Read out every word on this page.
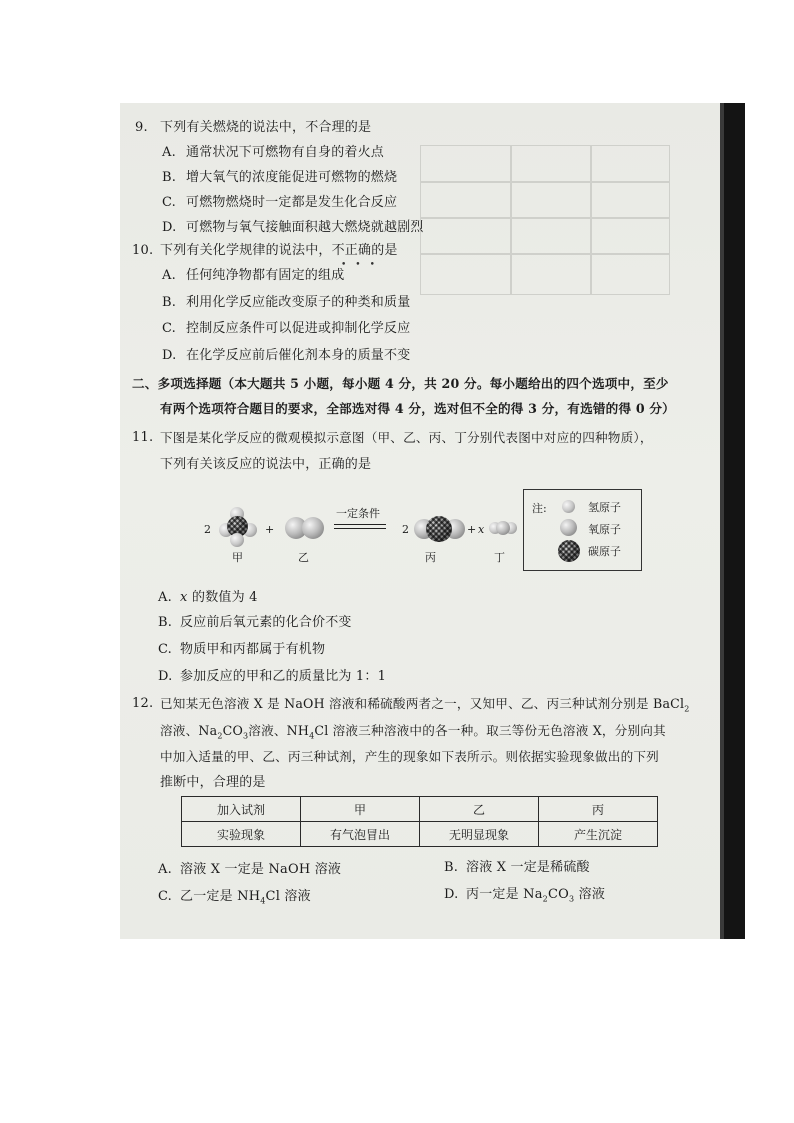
9. 下列有关燃烧的说法中，不合理的是
A. 通常状况下可燃物有自身的着火点
B. 增大氧气的浓度能促进可燃物的燃烧
C. 可燃物燃烧时一定都是发生化合反应
D. 可燃物与氧气接触面积越大燃烧就越剧烈
10. 下列有关化学规律的说法中，不正确的是
•••
A. 任何纯净物都有固定的组成
B. 利用化学反应能改变原子的种类和质量
C. 控制反应条件可以促进或抑制化学反应
D. 在化学反应前后催化剂本身的质量不变
二、多项选择题（本大题共 5 小题，每小题 4 分，共 20 分。每小题给出的四个选项中，至少
有两个选项符合题目的要求，全部选对得 4 分，选对但不全的得 3 分，有选错的得 0 分）
11. 下图是某化学反应的微观模拟示意图（甲、乙、丙、丁分别代表图中对应的四种物质），
下列有关该反应的说法中，正确的是
2	+
一定条件
2	+ x
甲	乙	丙	丁
注:	氢原子
氧原子
碳原子
A. x 的数值为 4
B. 反应前后氧元素的化合价不变
C. 物质甲和丙都属于有机物
D. 参加反应的甲和乙的质量比为 1：1
12. 已知某无色溶液 X 是 NaOH 溶液和稀硫酸两者之一，又知甲、乙、丙三种试剂分别是 BaCl$_2$
溶液、$Na_2CO_3$溶液、$NH_4Cl$ 溶液三种溶液中的各一种。取三等份无色溶液 X，分别向其
中加入适量的甲、乙、丙三种试剂，产生的现象如下表所示。则依据实验现象做出的下列
推断中，合理的是
加入试剂	甲	乙	丙
实验现象	有气泡冒出	无明显现象	产生沉淀
A. 溶液 X 一定是 NaOH 溶液	B. 溶液 X 一定是稀硫酸
C. 乙一定是 $NH_4Cl$ 溶液	D. 丙一定是 $Na_2CO_3$ 溶液
